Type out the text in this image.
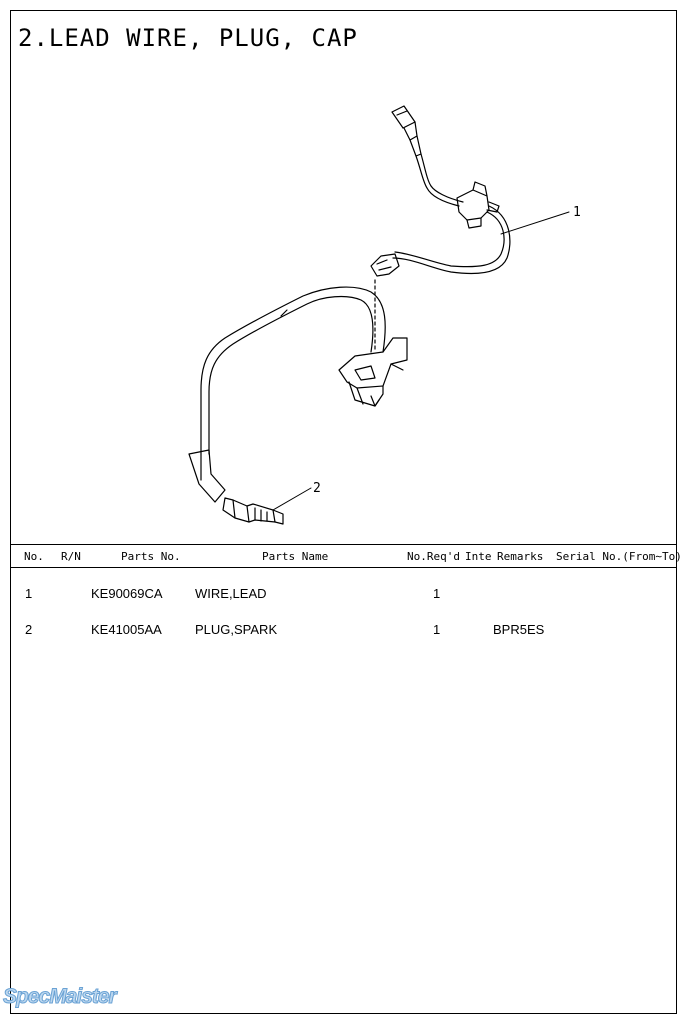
2.LEAD WIRE, PLUG, CAP
1
2
No. R/N	Parts No.	Parts Name	No.Req'd Inte Remarks Serial No.(From∼To)
1	KE90069CA WIRE,LEAD	1
2	KE41005AA	PLUG,SPARK	1	BPR5ES
SpecMaister
